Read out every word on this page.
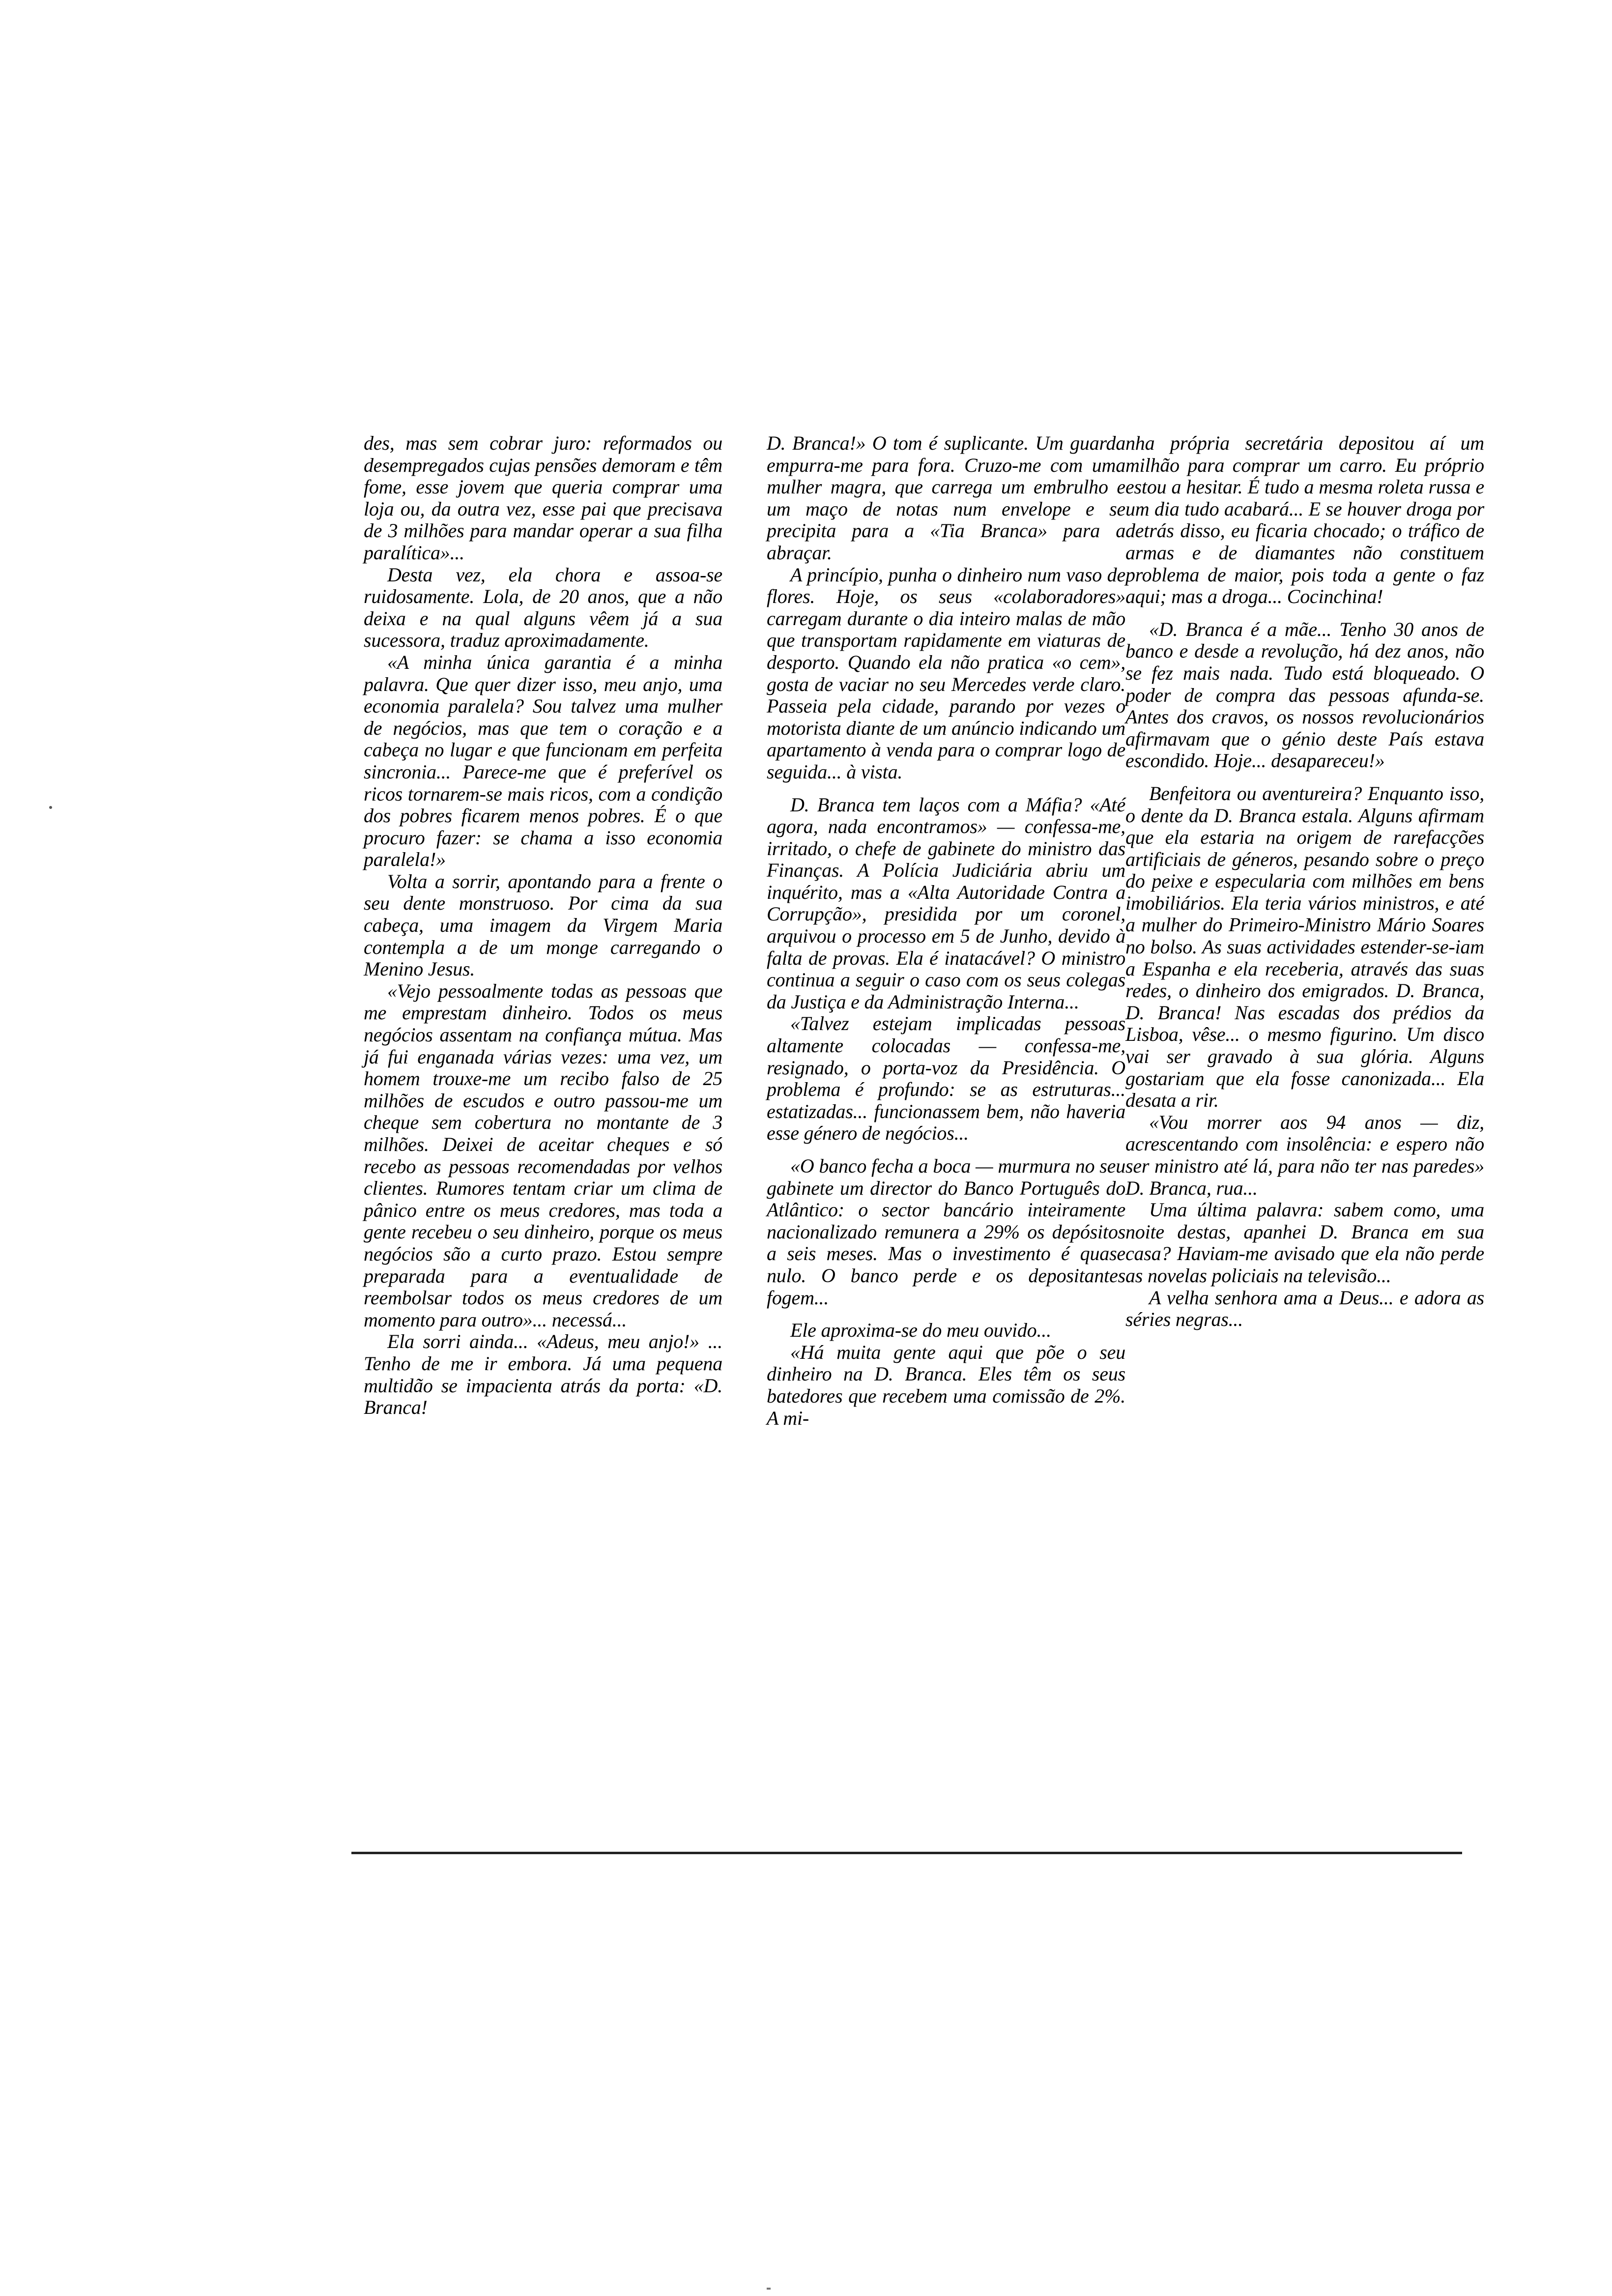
des, mas sem cobrar juro: reformados ou desempregados cujas pensões demoram e têm fome, esse jovem que queria comprar uma loja ou, da outra vez, esse pai que precisava de 3 milhões para mandar operar a sua filha paralítica»...

Desta vez, ela chora e assoa-se ruidosamente. Lola, de 20 anos, que a não deixa e na qual alguns vêem já a sua sucessora, traduz aproximadamente.

«A minha única garantia é a minha palavra. Que quer dizer isso, meu anjo, uma economia paralela? Sou talvez uma mulher de negócios, mas que tem o coração e a cabeça no lugar e que funcionam em perfeita sincronia... Parece-me que é preferível os ricos tornarem-se mais ricos, com a condição dos pobres ficarem menos pobres. É o que procuro fazer: se chama a isso economia paralela!»

Volta a sorrir, apontando para a frente o seu dente monstruoso. Por cima da sua cabeça, uma imagem da Virgem Maria contempla a de um monge carregando o Menino Jesus.

«Vejo pessoalmente todas as pessoas que me emprestam dinheiro. Todos os meus negócios assentam na confiança mútua. Mas já fui enganada várias vezes: uma vez, um homem trouxe-me um recibo falso de 25 milhões de escudos e outro passou-me um cheque sem cobertura no montante de 3 milhões. Deixei de aceitar cheques e só recebo as pessoas recomendadas por velhos clientes. Rumores tentam criar um clima de pânico entre os meus credores, mas toda a gente recebeu o seu dinheiro, porque os meus negócios são a curto prazo. Estou sempre preparada para a eventualidade de reembolsar todos os meus credores de um momento para outro»... necessá...

Ela sorri ainda... «Adeus, meu anjo!» ... Tenho de me ir embora. Já uma pequena multidão se impacienta atrás da porta: «D. Branca!

D. Branca!» O tom é suplicante. Um guarda empurra-me para fora. Cruzo-me com uma mulher magra, que carrega um embrulho e um maço de notas num envelope e se precipita para a «Tia Branca» para a abraçar.

A princípio, punha o dinheiro num vaso de flores. Hoje, os seus «colaboradores» carregam durante o dia inteiro malas de mão que transportam rapidamente em viaturas de desporto. Quando ela não pratica «o cem», gosta de vaciar no seu Mercedes verde claro. Passeia pela cidade, parando por vezes o motorista diante de um anúncio indicando um apartamento à venda para o comprar logo de seguida... à vista.

D. Branca tem laços com a Máfia? «Até agora, nada encontramos» — confessa-me, irritado, o chefe de gabinete do ministro das Finanças. A Polícia Judiciária abriu um inquérito, mas a «Alta Autoridade Contra a Corrupção», presidida por um coronel, arquivou o processo em 5 de Junho, devido à falta de provas. Ela é inatacável? O ministro continua a seguir o caso com os seus colegas da Justiça e da Administração Interna...

«Talvez estejam implicadas pessoas altamente colocadas — confessa-me, resignado, o porta-voz da Presidência. O problema é profundo: se as estruturas... estatizadas... funcionassem bem, não haveria esse género de negócios...

«O banco fecha a boca — murmura no seu gabinete um director do Banco Português do Atlântico: o sector bancário inteiramente nacionalizado remunera a 29% os depósitos a seis meses. Mas o investimento é quase nulo. O banco perde e os depositantes fogem...

Ele aproxima-se do meu ouvido...

«Há muita gente aqui que põe o seu dinheiro na D. Branca. Eles têm os seus batedores que recebem uma comissão de 2%. A mi-

nha própria secretária depositou aí um milhão para comprar um carro. Eu próprio estou a hesitar. É tudo a mesma roleta russa e um dia tudo acabará... E se houver droga por detrás disso, eu ficaria chocado; o tráfico de armas e de diamantes não constituem problema de maior, pois toda a gente o faz aqui; mas a droga... Cocinchina!

«D. Branca é a mãe... Tenho 30 anos de banco e desde a revolução, há dez anos, não se fez mais nada. Tudo está bloqueado. O poder de compra das pessoas afunda-se. Antes dos cravos, os nossos revolucionários afirmavam que o génio deste País estava escondido. Hoje... desapareceu!»

Benfeitora ou aventureira? Enquanto isso, o dente da D. Branca estala. Alguns afirmam que ela estaria na origem de rarefacções artificiais de géneros, pesando sobre o preço do peixe e especularia com milhões em bens imobiliários. Ela teria vários ministros, e até a mulher do Primeiro-Ministro Mário Soares no bolso. As suas actividades estender-se-iam a Espanha e ela receberia, através das suas redes, o dinheiro dos emigrados. D. Branca, D. Branca! Nas escadas dos prédios da Lisboa, vêse... o mesmo figurino. Um disco vai ser gravado à sua glória. Alguns gostariam que ela fosse canonizada... Ela desata a rir.

«Vou morrer aos 94 anos — diz, acrescentando com insolência: e espero não ser ministro até lá, para não ter nas paredes» D. Branca, rua...

Uma última palavra: sabem como, uma noite destas, apanhei D. Branca em sua casa? Haviam-me avisado que ela não perde as novelas policiais na televisão...

A velha senhora ama a Deus... e adora as séries negras...
